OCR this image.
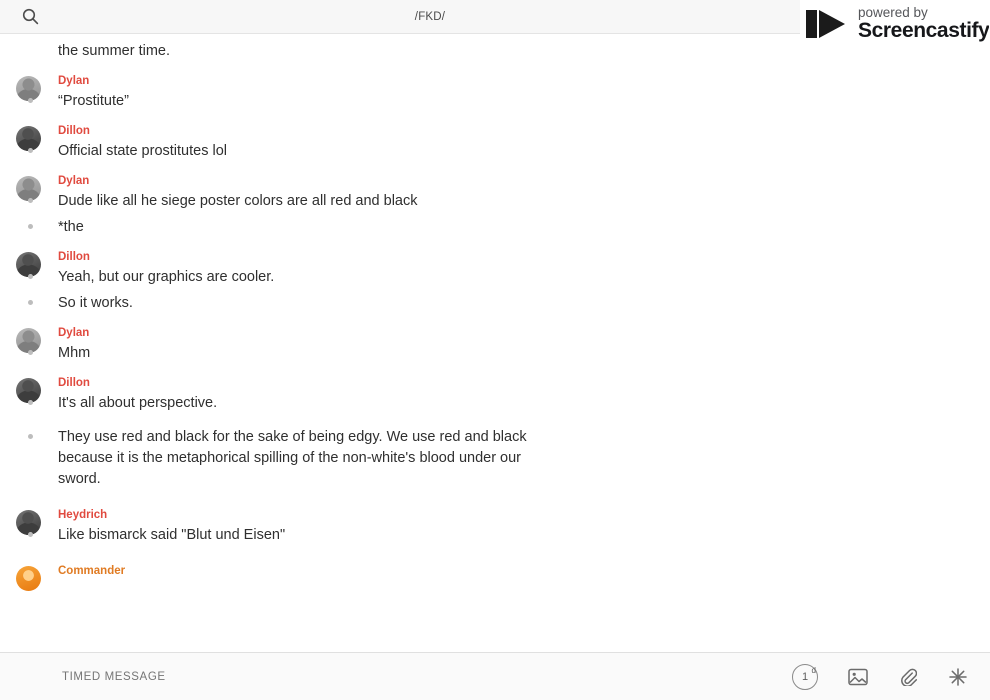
/FKD/
the summer time.
Dylan
“Prostitute”
Dillon
Official state prostitutes lol
Dylan
Dude like all he siege poster colors are all red and black
*the
Dillon
Yeah, but our graphics are cooler.
So it works.
Dylan
Mhm
Dillon
It's all about perspective.
They use red and black for the sake of being edgy. We use red and black because it is the metaphorical spilling of the non-white's blood under our sword.
Heydrich
Like bismarck said "Blut und Eisen"
Commander
powered by
Screencastify
TIMED MESSAGE
1
d
